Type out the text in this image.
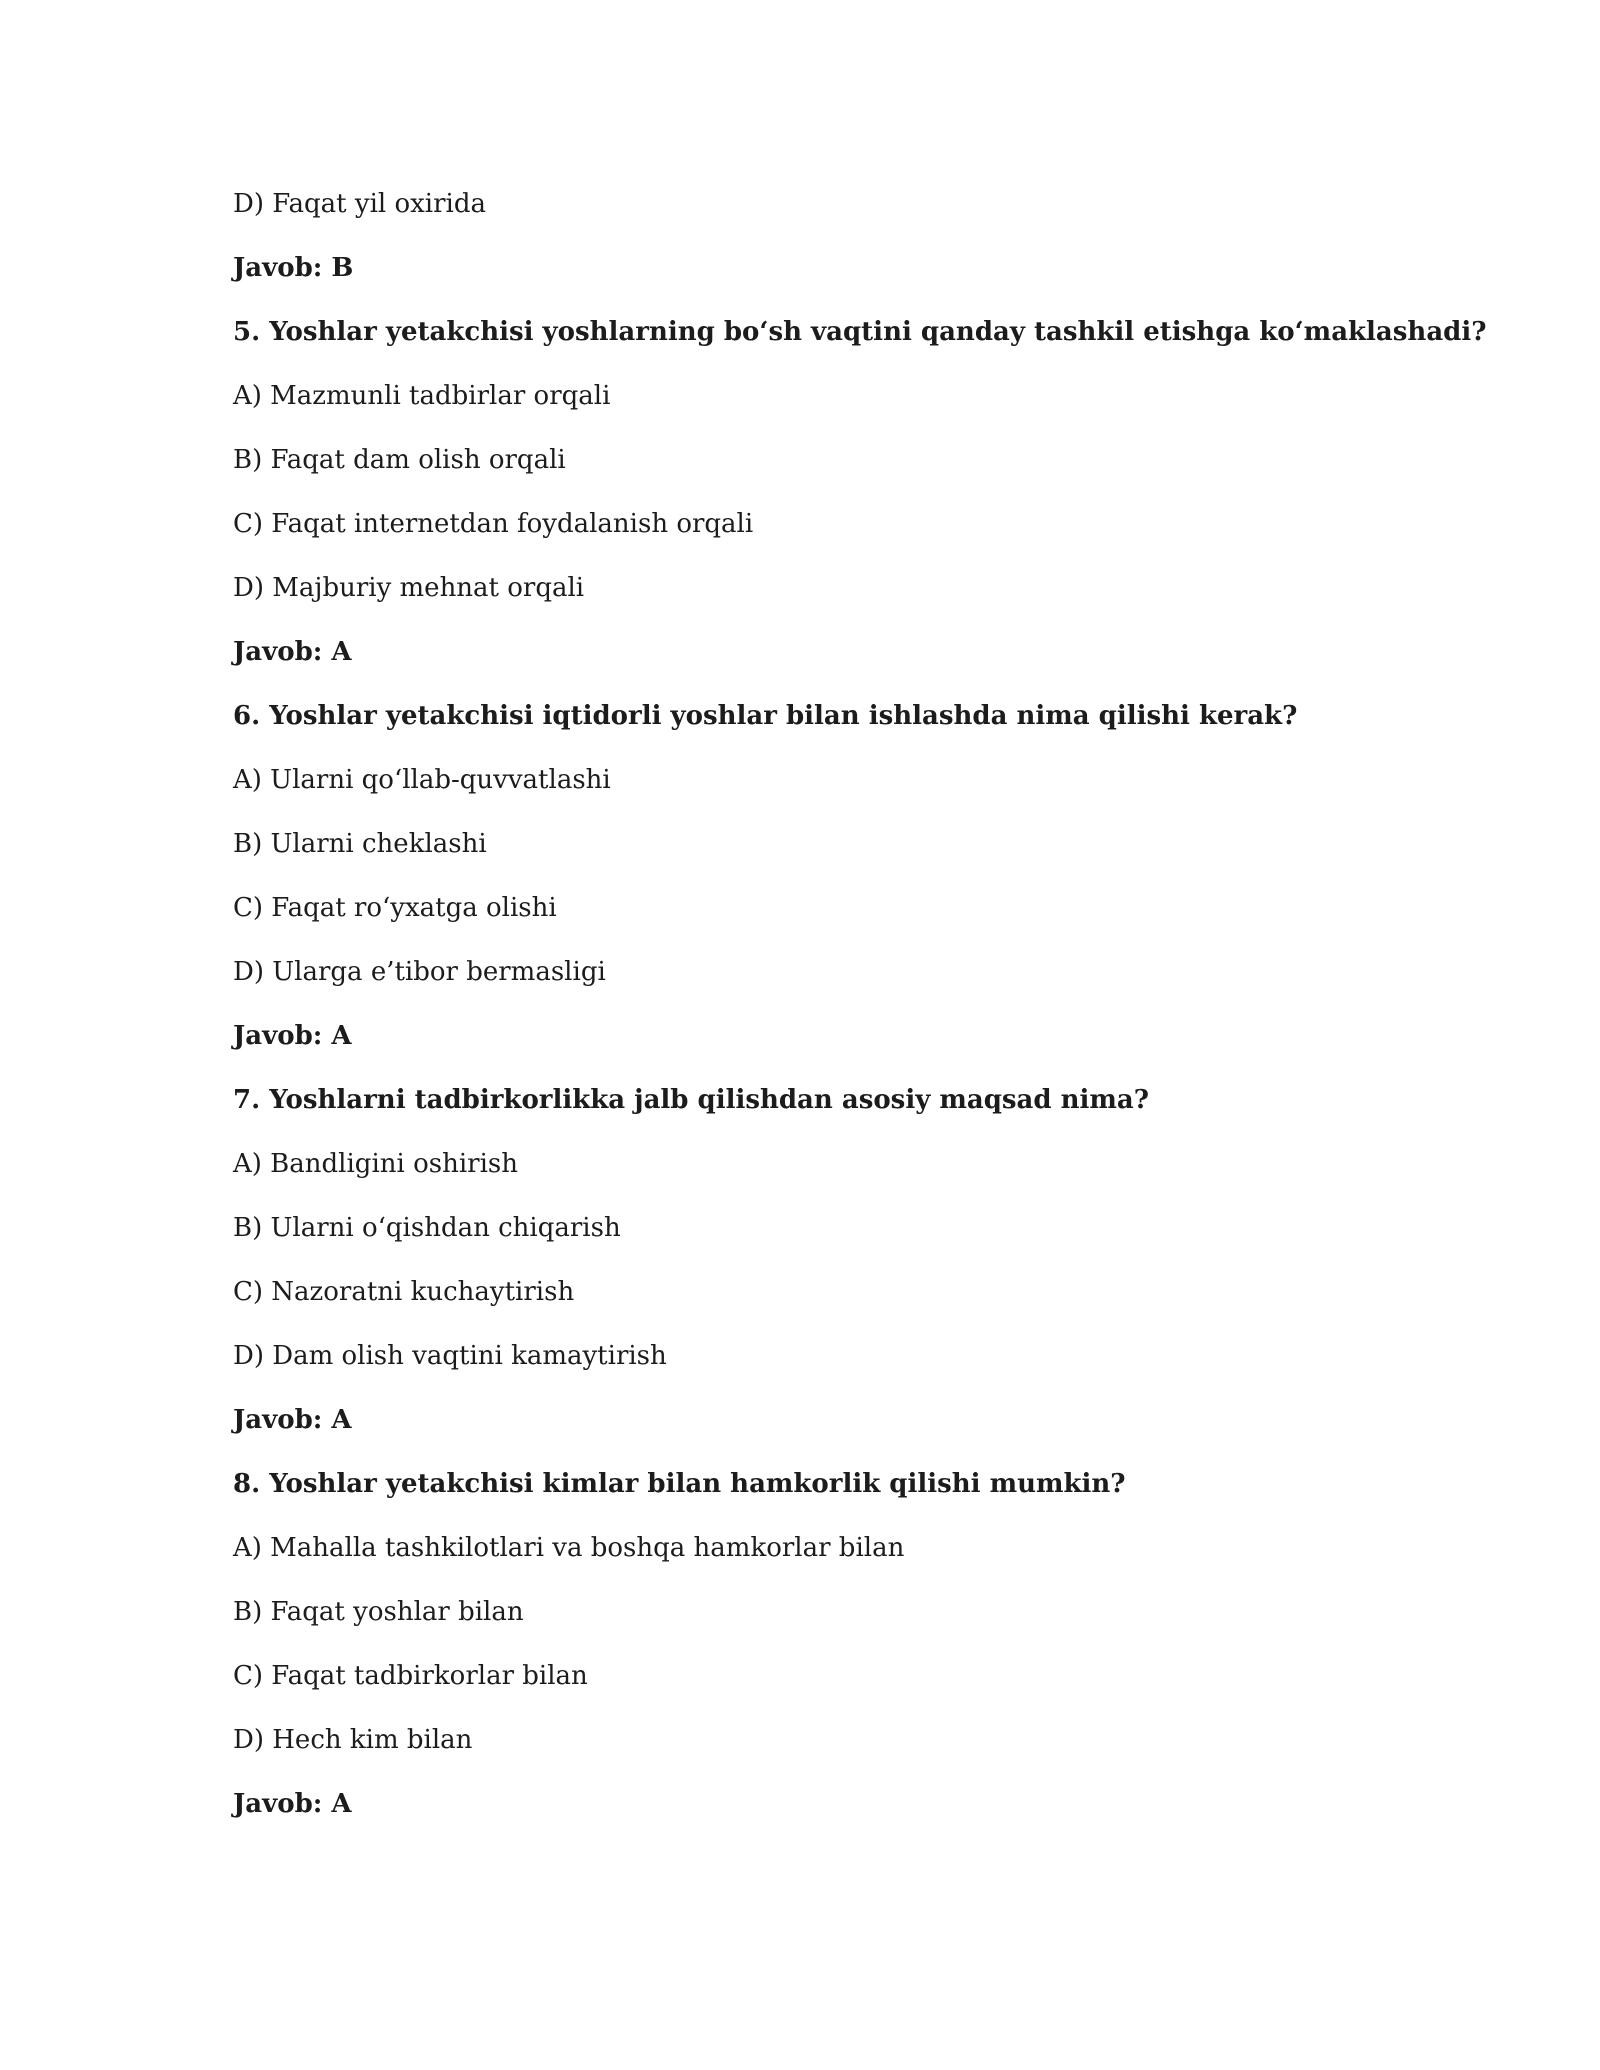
D) Faqat yil oxirida
Javob: B
5. Yoshlar yetakchisi yoshlarning bo‘sh vaqtini qanday tashkil etishga ko‘maklashadi?
A) Mazmunli tadbirlar orqali
B) Faqat dam olish orqali
C) Faqat internetdan foydalanish orqali
D) Majburiy mehnat orqali
Javob: A
6. Yoshlar yetakchisi iqtidorli yoshlar bilan ishlashda nima qilishi kerak?
A) Ularni qo‘llab-quvvatlashi
B) Ularni cheklashi
C) Faqat ro‘yxatga olishi
D) Ularga e’tibor bermasligi
Javob: A
7. Yoshlarni tadbirkorlikka jalb qilishdan asosiy maqsad nima?
A) Bandligini oshirish
B) Ularni o‘qishdan chiqarish
C) Nazoratni kuchaytirish
D) Dam olish vaqtini kamaytirish
Javob: A
8. Yoshlar yetakchisi kimlar bilan hamkorlik qilishi mumkin?
A) Mahalla tashkilotlari va boshqa hamkorlar bilan
B) Faqat yoshlar bilan
C) Faqat tadbirkorlar bilan
D) Hech kim bilan
Javob: A
